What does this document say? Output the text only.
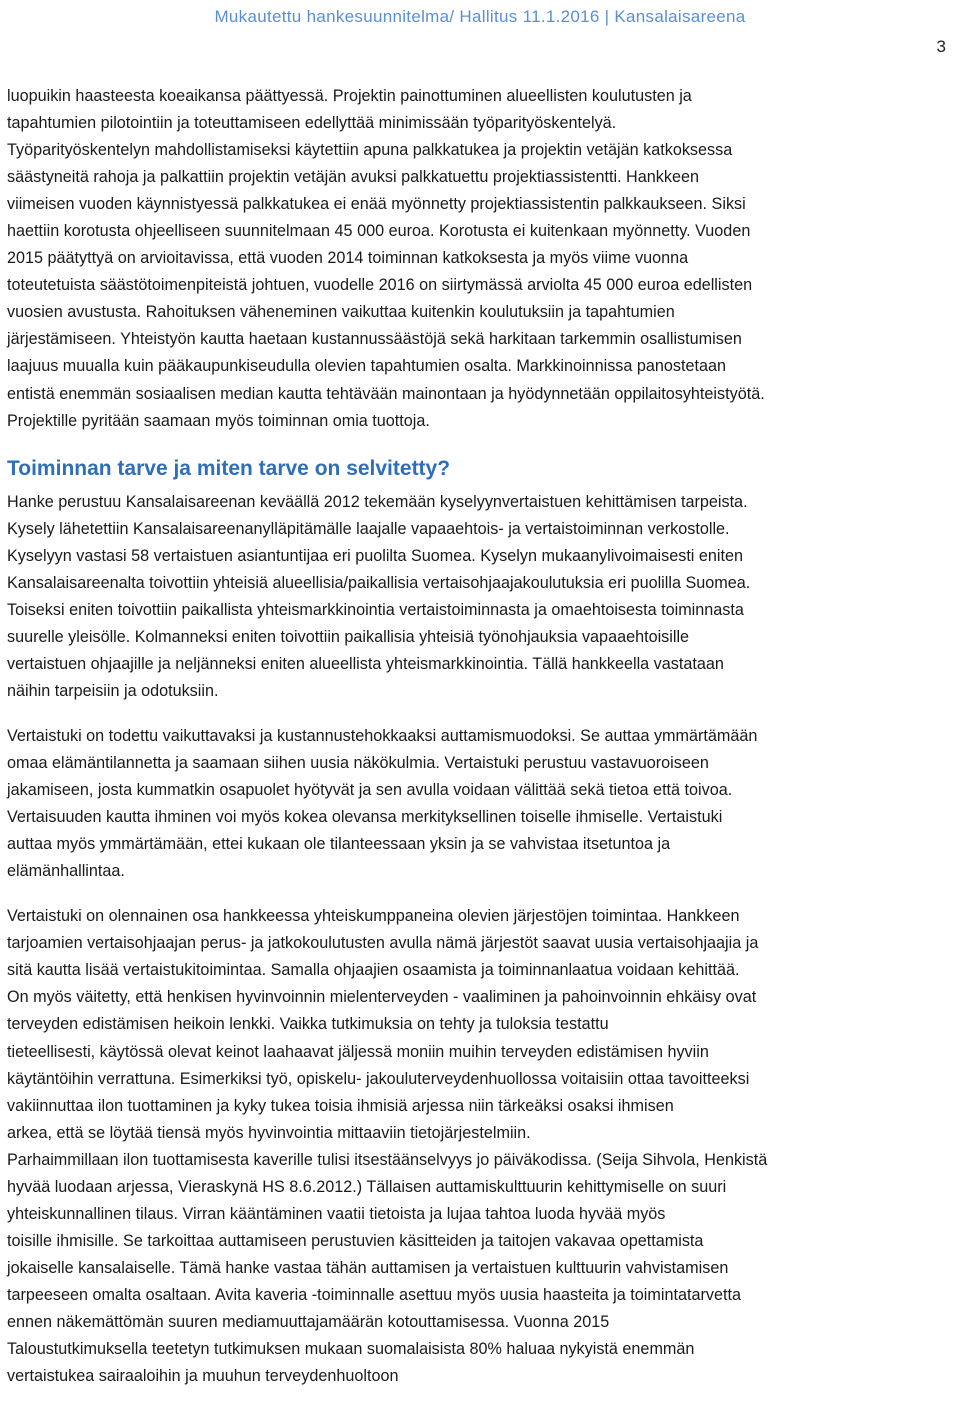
Mukautettu hankesuunnitelma/ Hallitus 11.1.2016 | Kansalaisareena
3

luopuikin haasteesta koeaikansa päättyessä. Projektin painottuminen alueellisten koulutusten ja

tapahtumien pilotointiin ja toteuttamiseen edellyttää minimissään työparityöskentelyä.

Työparityöskentelyn mahdollistamiseksi käytettiin apuna palkkatukea ja projektin vetäjän katkoksessa

säästyneitä rahoja ja palkattiin projektin vetäjän avuksi palkkatuettu projektiassistentti. Hankkeen

viimeisen vuoden käynnistyessä palkkatukea ei enää myönnetty projektiassistentin palkkaukseen. Siksi

haettiin korotusta ohjeelliseen suunnitelmaan 45 000 euroa. Korotusta ei kuitenkaan myönnetty. Vuoden

2015 päätyttyä on arvioitavissa, että vuoden 2014 toiminnan katkoksesta ja myös viime vuonna

toteutetuista säästötoimenpiteistä johtuen, vuodelle 2016 on siirtymässä arviolta 45 000 euroa edellisten

vuosien avustusta. Rahoituksen väheneminen vaikuttaa kuitenkin koulutuksiin ja tapahtumien

järjestämiseen. Yhteistyön kautta haetaan kustannussäästöjä sekä harkitaan tarkemmin osallistumisen

laajuus muualla kuin pääkaupunkiseudulla olevien tapahtumien osalta. Markkinoinnissa panostetaan

entistä enemmän sosiaalisen median kautta tehtävään mainontaan ja hyödynnetään oppilaitosyhteistyötä.

Projektille pyritään saamaan myös toiminnan omia tuottoja.

Toiminnan tarve ja miten tarve on selvitetty?

Hanke perustuu Kansalaisareenan keväällä 2012 tekemään kyselyynvertaistuen kehittämisen tarpeista.

Kysely lähetettiin Kansalaisareenanylläpitämälle laajalle vapaaehtois- ja vertaistoiminnan verkostolle.

Kyselyyn vastasi 58 vertaistuen asiantuntijaa eri puolilta Suomea. Kyselyn mukaanylivoimaisesti eniten

Kansalaisareenalta toivottiin yhteisiä alueellisia/paikallisia vertaisohjaajakoulutuksia eri puolilla Suomea.

Toiseksi eniten toivottiin paikallista yhteismarkkinointia vertaistoiminnasta ja omaehtoisesta toiminnasta

suurelle yleisölle. Kolmanneksi eniten toivottiin paikallisia yhteisiä työnohjauksia vapaaehtoisille

vertaistuen ohjaajille ja neljänneksi eniten alueellista yhteismarkkinointia. Tällä hankkeella vastataan

näihin tarpeisiin ja odotuksiin.

Vertaistuki on todettu vaikuttavaksi ja kustannustehokkaaksi auttamismuodoksi. Se auttaa ymmärtämään

omaa elämäntilannetta ja saamaan siihen uusia näkökulmia. Vertaistuki perustuu vastavuoroiseen

jakamiseen, josta kummatkin osapuolet hyötyvät ja sen avulla voidaan välittää sekä tietoa että toivoa.

Vertaisuuden kautta ihminen voi myös kokea olevansa merkityksellinen toiselle ihmiselle. Vertaistuki

auttaa myös ymmärtämään, ettei kukaan ole tilanteessaan yksin ja se vahvistaa itsetuntoa ja

elämänhallintaa.

Vertaistuki on olennainen osa hankkeessa yhteiskumppaneina olevien järjestöjen toimintaa. Hankkeen

tarjoamien vertaisohjaajan perus- ja jatkokoulutusten avulla nämä järjestöt saavat uusia vertaisohjaajia ja

sitä kautta lisää vertaistukitoimintaa. Samalla ohjaajien osaamista ja toiminnanlaatua voidaan kehittää.

On myös väitetty, että henkisen hyvinvoinnin mielenterveyden - vaaliminen ja pahoinvoinnin ehkäisy ovat

terveyden edistämisen heikoin lenkki. Vaikka tutkimuksia on tehty ja tuloksia testattu

tieteellisesti, käytössä olevat keinot laahaavat jäljessä moniin muihin terveyden edistämisen hyviin

käytäntöihin verrattuna. Esimerkiksi työ, opiskelu- jakouluterveydenhuollossa voitaisiin ottaa tavoitteeksi

vakiinnuttaa ilon tuottaminen ja kyky tukea toisia ihmisiä arjessa niin tärkeäksi osaksi ihmisen

arkea, että se löytää tiensä myös hyvinvointia mittaaviin tietojärjestelmiin.

Parhaimmillaan ilon tuottamisesta kaverille tulisi itsestäänselvyys jo päiväkodissa. (Seija Sihvola, Henkistä

hyvää luodaan arjessa, Vieraskynä HS 8.6.2012.) Tällaisen auttamiskulttuurin kehittymiselle on suuri

yhteiskunnallinen tilaus. Virran kääntäminen vaatii tietoista ja lujaa tahtoa luoda hyvää myös

toisille ihmisille. Se tarkoittaa auttamiseen perustuvien käsitteiden ja taitojen vakavaa opettamista

jokaiselle kansalaiselle. Tämä hanke vastaa tähän auttamisen ja vertaistuen kulttuurin vahvistamisen

tarpeeseen omalta osaltaan. Avita kaveria -toiminnalle asettuu myös uusia haasteita ja toimintatarvetta

ennen näkemättömän suuren mediamuuttajamäärän kotouttamisessa. Vuonna 2015

Taloustutkimuksella teetetyn tutkimuksen mukaan suomalaisista 80% haluaa nykyistä enemmän

vertaistukea sairaaloihin ja muuhun terveydenhuoltoon
